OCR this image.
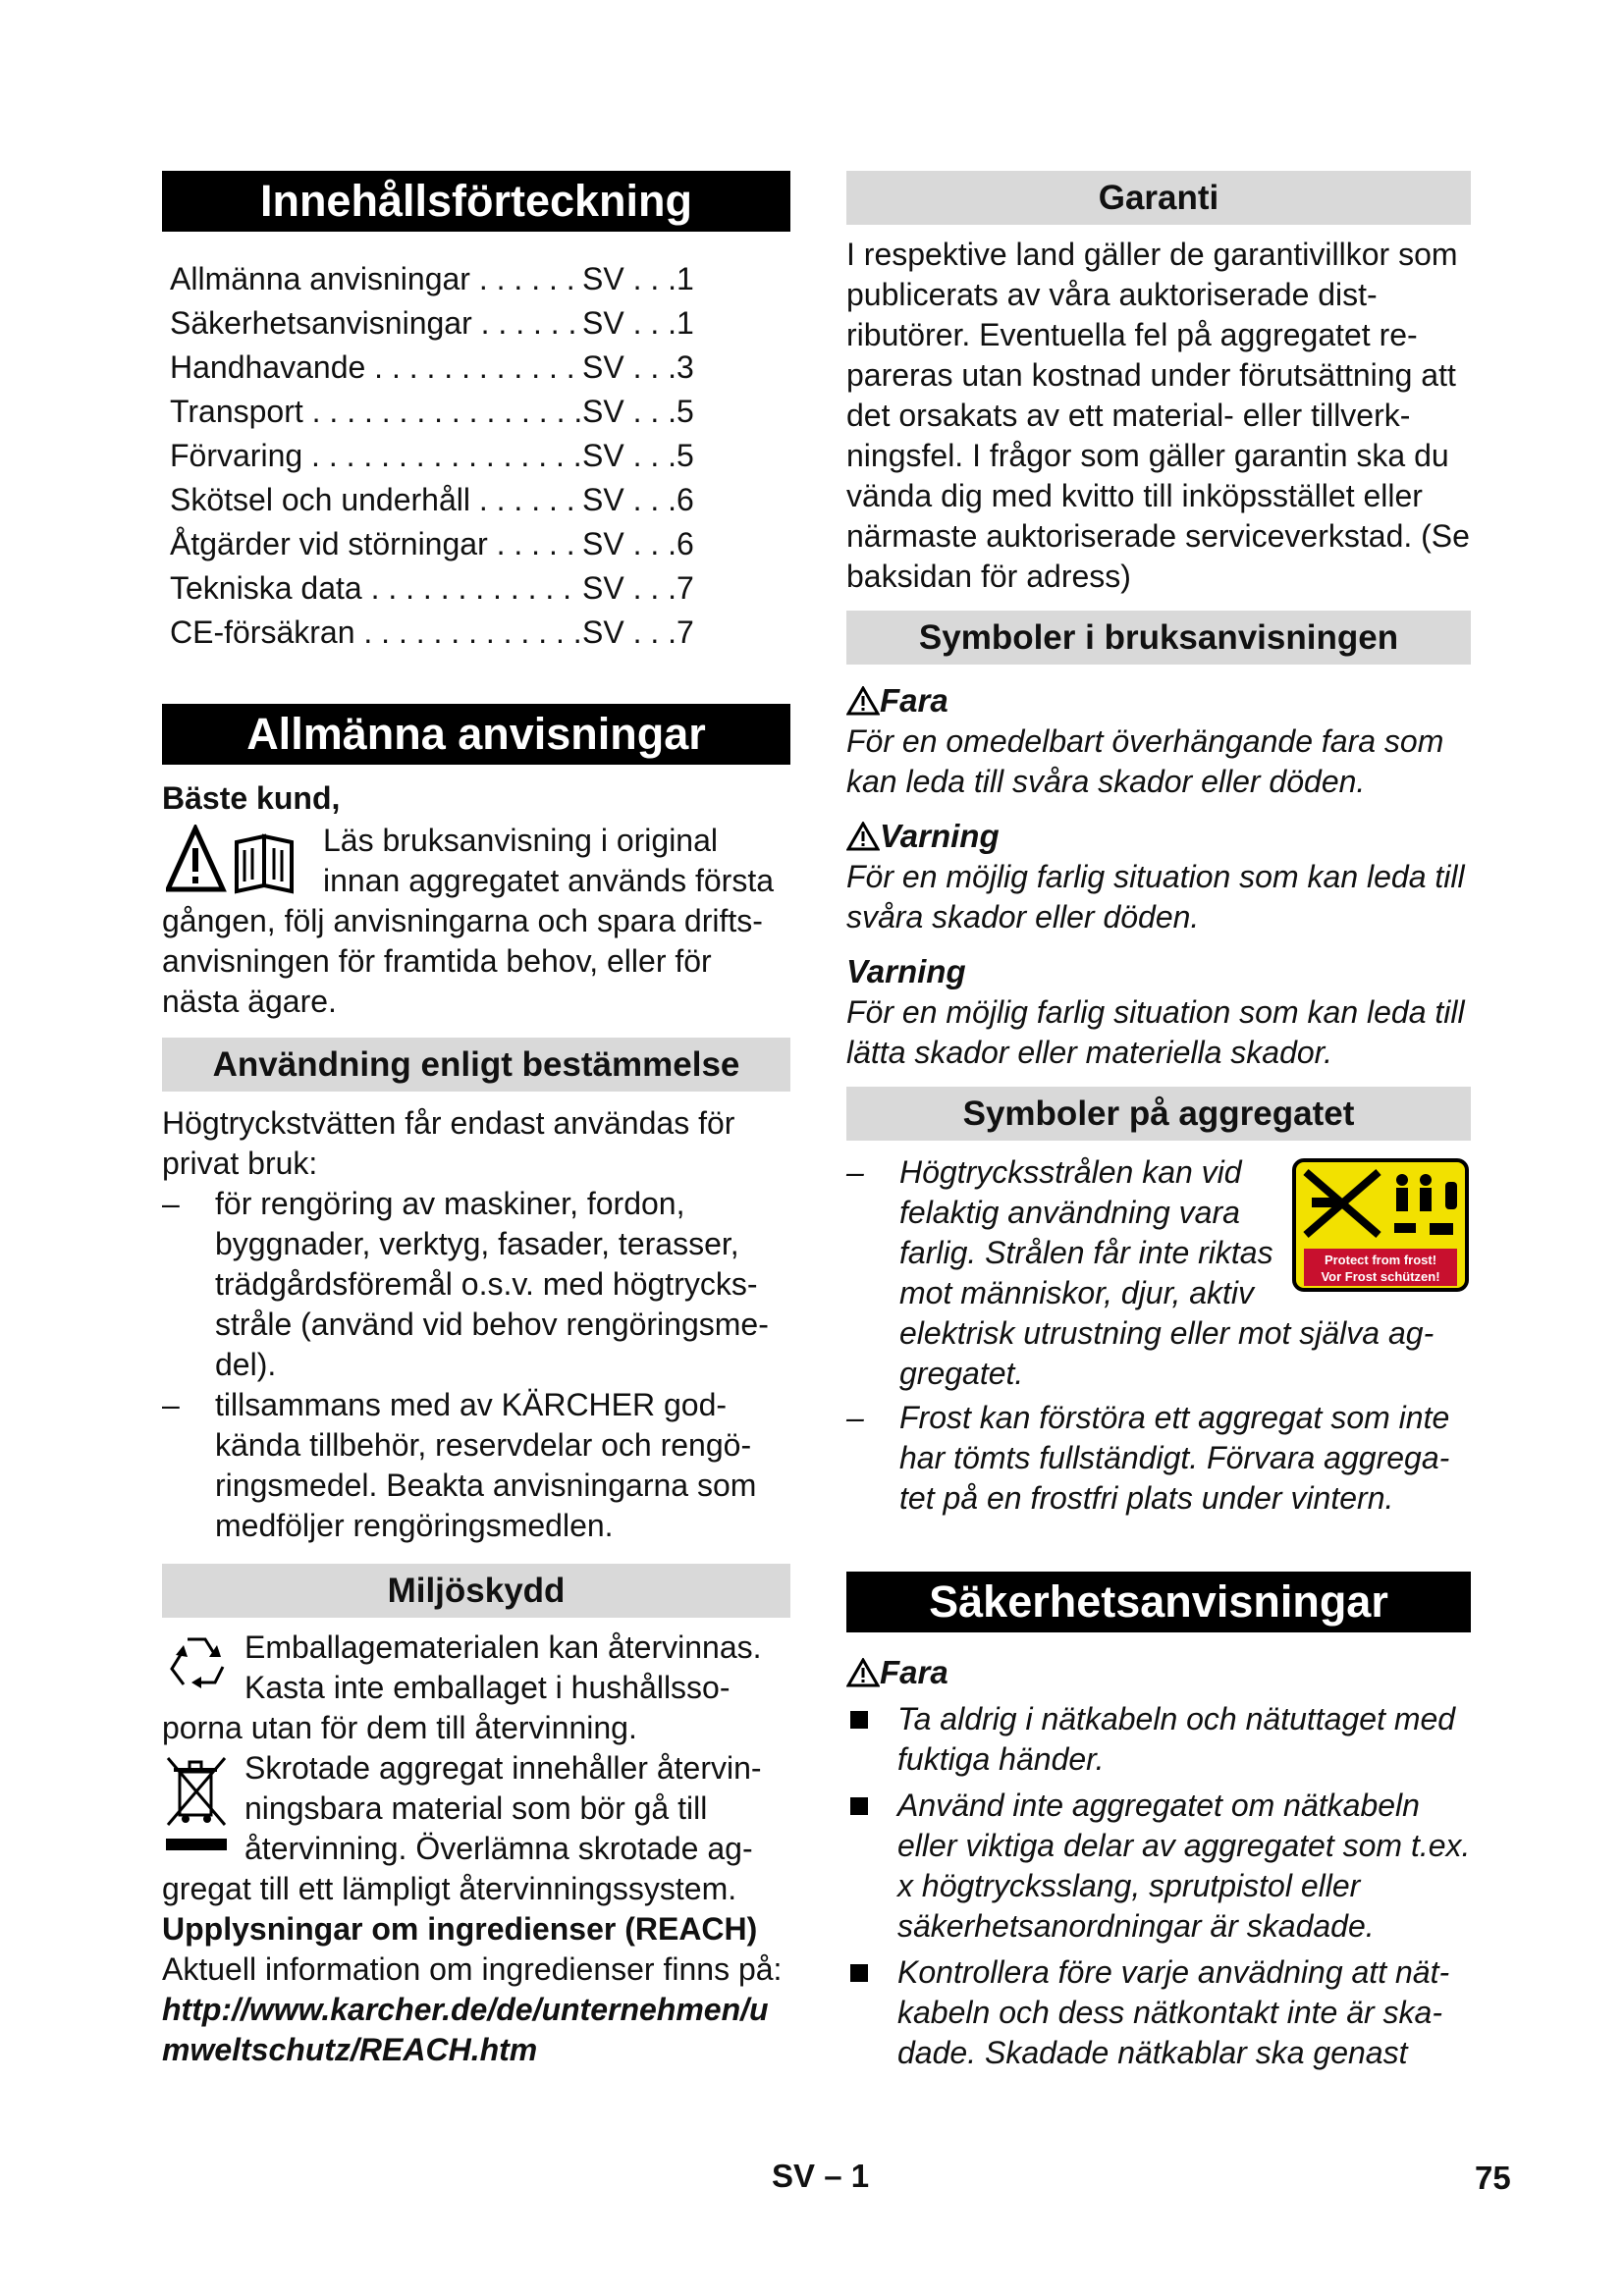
Innehållsförteckning
Allmänna anvisningar . . .	SV . . .1
Säkerhetsanvisningar . . .	SV . . .1
Handhavande . . .	SV . . .3
Transport . . .	SV . . .5
Förvaring . . .	SV . . .5
Skötsel och underhåll . . .	SV . . .6
Åtgärder vid störningar . . .	SV . . .6
Tekniska data . . .	SV . . .7
CE-försäkran . . .	SV . . .7
Allmänna anvisningar
Bäste kund,

Läs bruksanvisning i original innan aggregatet används första gången, följ anvisningarna och spara drifts-anvisningen för framtida behov, eller för nästa ägare.

Användning enligt bestämmelse

Högtryckstvätten får endast användas för privat bruk:

– för rengöring av maskiner, fordon, byggnader, verktyg, fasader, terasser, trädgårdsföremål o.s.v. med högtrycks-stråle (använd vid behov rengöringsme-del).
– tillsammans med av KÄRCHER god-kända tillbehör, reservdelar och rengö-ringsmedel. Beakta anvisningarna som medföljer rengöringsmedlen.
Miljöskydd

Emballagematerialen kan återvinnas. Kasta inte emballaget i hushållsso-porna utan för dem till återvinning.

Skrotade aggregat innehåller återvin-ningsbara material som bör gå till återvinning. Överlämna skrotade ag-gregat till ett lämpligt återvinningssystem.

Upplysningar om ingredienser (REACH)

Aktuell information om ingredienser finns på:

http://www.karcher.de/de/unternehmen/umweltschutz/REACH.htm

Garanti

I respektive land gäller de garantivillkor som publicerats av våra auktoriserade dist-ributörer. Eventuella fel på aggregatet re-pareras utan kostnad under förutsättning att det orsakats av ett material- eller tillverk-ningsfel. I frågor som gäller garantin ska du vända dig med kvitto till inköpsstället eller närmaste auktoriserade serviceverkstad. (Se baksidan för adress)

Symboler i bruksanvisningen
Fara

För en omedelbart överhängande fara som kan leda till svåra skador eller döden.

Varning

För en möjlig farlig situation som kan leda till svåra skador eller döden.

Varning

För en möjlig farlig situation som kan leda till lätta skador eller materiella skador.

Symboler på aggregatet
Protect from frost!
Vor Frost schützen!
– Högtrycksstrålen kan vid felaktig användning vara farlig. Strålen får inte riktas mot människor, djur, aktiv elektrisk utrustning eller mot själva ag-gregatet.
– Frost kan förstöra ett aggregat som inte har tömts fullständigt. Förvara aggrega-tet på en frostfri plats under vintern.
Säkerhetsanvisningar
Fara
Ta aldrig i nätkabeln och nätuttaget med fuktiga händer.
Använd inte aggregatet om nätkabeln eller viktiga delar av aggregatet som t.ex. x högtrycksslang, sprutpistol eller säkerhetsanordningar är skadade.
Kontrollera före varje anvädning att nät-kabeln och dess nätkontakt inte är ska-dade. Skadade nätkablar ska genast
SV – 1	75
